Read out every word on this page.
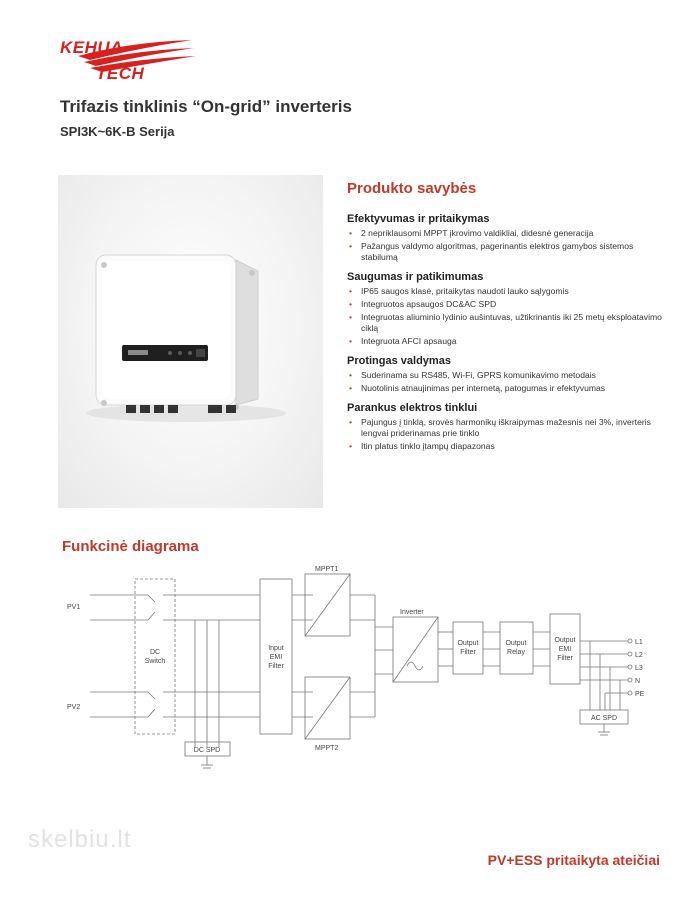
KEHUA
TECH
Trifazis tinklinis “On-grid” inverteris
SPI3K~6K-B Serija
Produkto savybės
Efektyvumas ir pritaikymas
• 2 nepriklausomi MPPT įkrovimo valdikliai, didesnė generacija
• Pažangus valdymo algoritmas, pagerinantis elektros gamybos sistemos stabilumą
Saugumas ir patikimumas
• IP65 saugos klasė, pritaikytas naudoti lauko sąlygomis
• Integruotos apsaugos DC&AC SPD
• Integruotas aliuminio lydinio aušintuvas, užtikrinantis iki 25 metų eksploatavimo ciklą
• Integruota AFCI apsauga
Protingas valdymas
• Suderinama su RS485, Wi-Fi, GPRS komunikavimo metodais
• Nuotolinis atnaujinimas per internetą, patogumas ir efektyvumas
Parankus elektros tinklui
• Pajungus į tinklą, srovės harmonikų iškraipymas mažesnis nei 3%, inverteris lengvai priderinamas prie tinklo
• Itin platus tinklo įtampų diapazonas
Funkcinė diagrama
PV1
PV2
DC
Switch
Input
EMI
Filter
MPPT1
MPPT2
Inverter
Output
Filter
Output
Relay
Output
EMI
Filter
DC SPD
AC SPD
L1
L2
L3
N
PE
skelbiu.lt
PV+ESS pritaikyta ateičiai
